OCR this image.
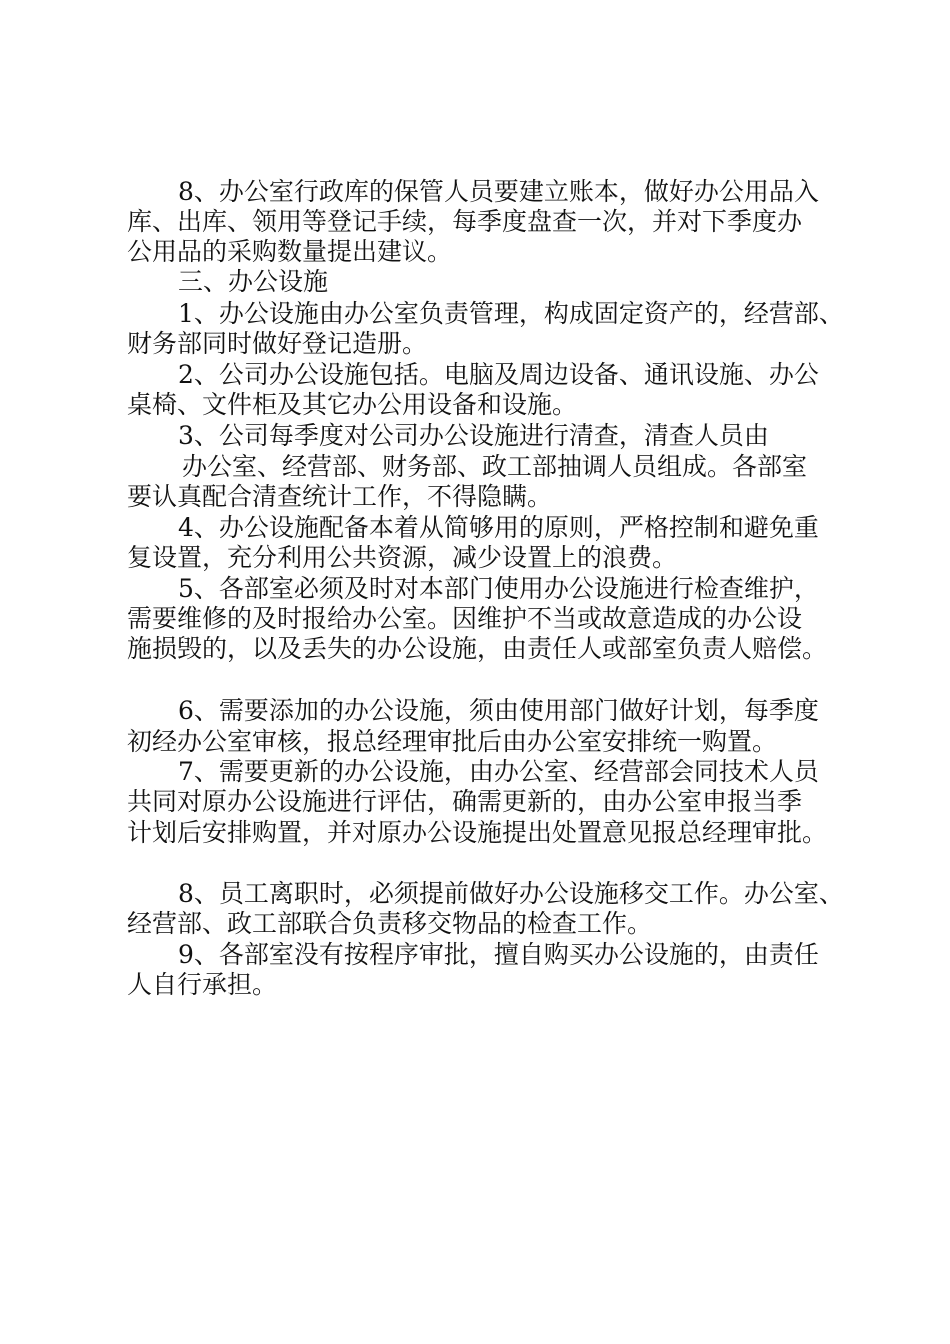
8、办公室行政库的保管人员要建立账本，做好办公用品入

库、出库、领用等登记手续，每季度盘查一次，并对下季度办

公用品的采购数量提出建议。

三、办公设施

1、办公设施由办公室负责管理，构成固定资产的，经营部、

财务部同时做好登记造册。

2、公司办公设施包括。电脑及周边设备、通讯设施、办公

桌椅、文件柜及其它办公用设备和设施。

3、公司每季度对公司办公设施进行清查，清查人员由

办公室、经营部、财务部、政工部抽调人员组成。各部室

要认真配合清查统计工作，不得隐瞒。

4、办公设施配备本着从简够用的原则，严格控制和避免重

复设置，充分利用公共资源，减少设置上的浪费。

5、各部室必须及时对本部门使用办公设施进行检查维护，

需要维修的及时报给办公室。因维护不当或故意造成的办公设

施损毁的，以及丢失的办公设施，由责任人或部室负责人赔偿。

6、需要添加的办公设施，须由使用部门做好计划，每季度

初经办公室审核，报总经理审批后由办公室安排统一购置。

7、需要更新的办公设施，由办公室、经营部会同技术人员

共同对原办公设施进行评估，确需更新的，由办公室申报当季

计划后安排购置，并对原办公设施提出处置意见报总经理审批。

8、员工离职时，必须提前做好办公设施移交工作。办公室、

经营部、政工部联合负责移交物品的检查工作。

9、各部室没有按程序审批，擅自购买办公设施的，由责任

人自行承担。
